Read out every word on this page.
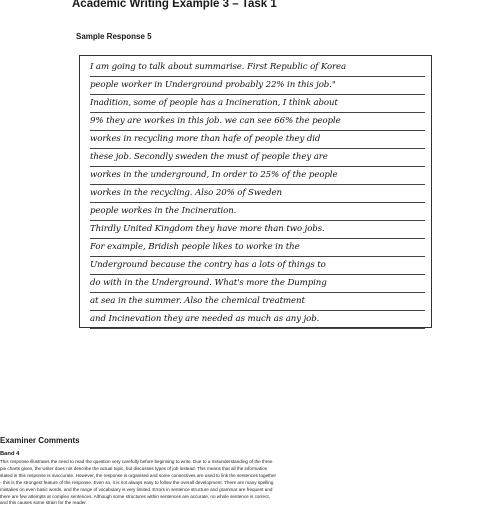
Academic Writing Example 3 – Task 1
Sample Response 5
I am going to talk about summarise. First Republic of Korea
people worker in Underground probably 22% in this job."
Inadition, some of people has a Incineration, I think about
9% they are workes in this job. we can see 66% the people
workes in recycling more than hafe of people they did
these job. Secondly sweden the must of people they are
workes in the underground, In order to 25% of the people
workes in the recycling. Also 20% of Sweden
people workes in the Incineration.
Thirdly United Kingdom they have more than two jobs.
For example, Bridish people likes to worke in the
Underground because the contry has a lots of things to
do with in the Underground. What's more the Dumping
at sea in the summer. Also the chemical treatment
and Incinevation they are needed as much as any job.
Examiner Comments
Band 4
This response illustrates the need to read the question very carefully before beginning to write. Due to a misunderstanding of the three
pie charts given, the writer does not describe the actual topic, but discusses types of job instead. This means that all the information
stated in this response is inaccurate. However, the response is organised and some connectives are used to link the sentences together
- this is the strongest feature of the response. Even so, it is not always easy to follow the overall development. There are many spelling
mistakes on even basic words, and the range of vocabulary is very limited. Errors in sentence structure and grammar are frequent and
there are few attempts at complex sentences. Although some structures within sentences are accurate, no whole sentence is correct,
and this causes some strain for the reader.
